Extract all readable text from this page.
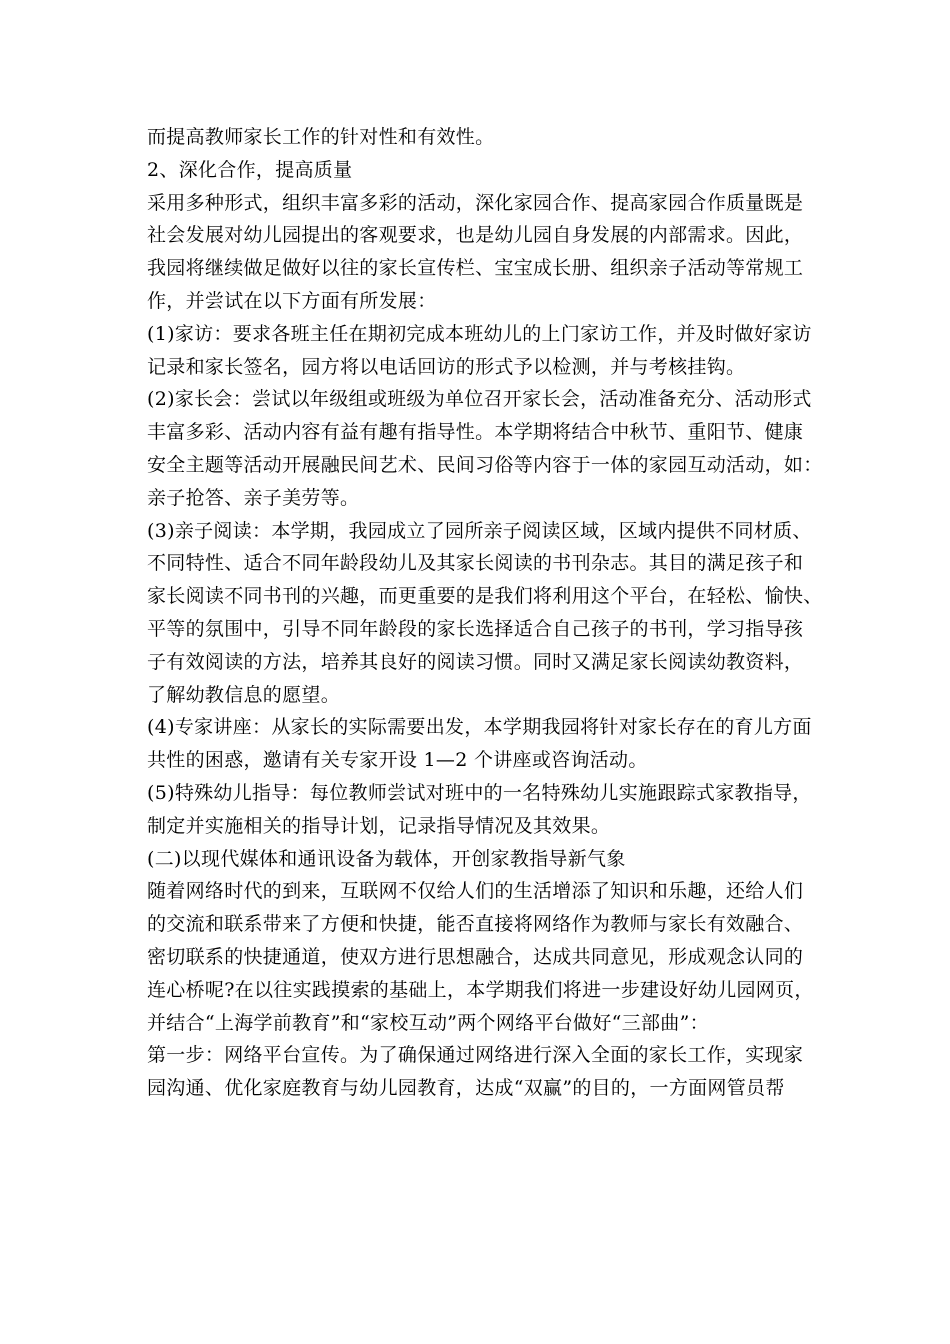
而提高教师家长工作的针对性和有效性。
2、深化合作，提高质量
采用多种形式，组织丰富多彩的活动，深化家园合作、提高家园合作质量既是
社会发展对幼儿园提出的客观要求，也是幼儿园自身发展的内部需求。因此，
我园将继续做足做好以往的家长宣传栏、宝宝成长册、组织亲子活动等常规工
作，并尝试在以下方面有所发展：
(1)家访：要求各班主任在期初完成本班幼儿的上门家访工作，并及时做好家访
记录和家长签名，园方将以电话回访的形式予以检测，并与考核挂钩。
(2)家长会：尝试以年级组或班级为单位召开家长会，活动准备充分、活动形式
丰富多彩、活动内容有益有趣有指导性。本学期将结合中秋节、重阳节、健康
安全主题等活动开展融民间艺术、民间习俗等内容于一体的家园互动活动，如：
亲子抢答、亲子美劳等。
(3)亲子阅读：本学期，我园成立了园所亲子阅读区域，区域内提供不同材质、
不同特性、适合不同年龄段幼儿及其家长阅读的书刊杂志。其目的满足孩子和
家长阅读不同书刊的兴趣，而更重要的是我们将利用这个平台，在轻松、愉快、
平等的氛围中，引导不同年龄段的家长选择适合自己孩子的书刊，学习指导孩
子有效阅读的方法，培养其良好的阅读习惯。同时又满足家长阅读幼教资料，
了解幼教信息的愿望。
(4)专家讲座：从家长的实际需要出发，本学期我园将针对家长存在的育儿方面
共性的困惑，邀请有关专家开设 1—2 个讲座或咨询活动。
(5)特殊幼儿指导：每位教师尝试对班中的一名特殊幼儿实施跟踪式家教指导，
制定并实施相关的指导计划，记录指导情况及其效果。
(二)以现代媒体和通讯设备为载体，开创家教指导新气象
随着网络时代的到来，互联网不仅给人们的生活增添了知识和乐趣，还给人们
的交流和联系带来了方便和快捷，能否直接将网络作为教师与家长有效融合、
密切联系的快捷通道，使双方进行思想融合，达成共同意见，形成观念认同的
连心桥呢?在以往实践摸索的基础上，本学期我们将进一步建设好幼儿园网页，
并结合“上海学前教育”和“家校互动”两个网络平台做好“三部曲”：
第一步：网络平台宣传。为了确保通过网络进行深入全面的家长工作，实现家
园沟通、优化家庭教育与幼儿园教育，达成“双赢”的目的，一方面网管员帮
